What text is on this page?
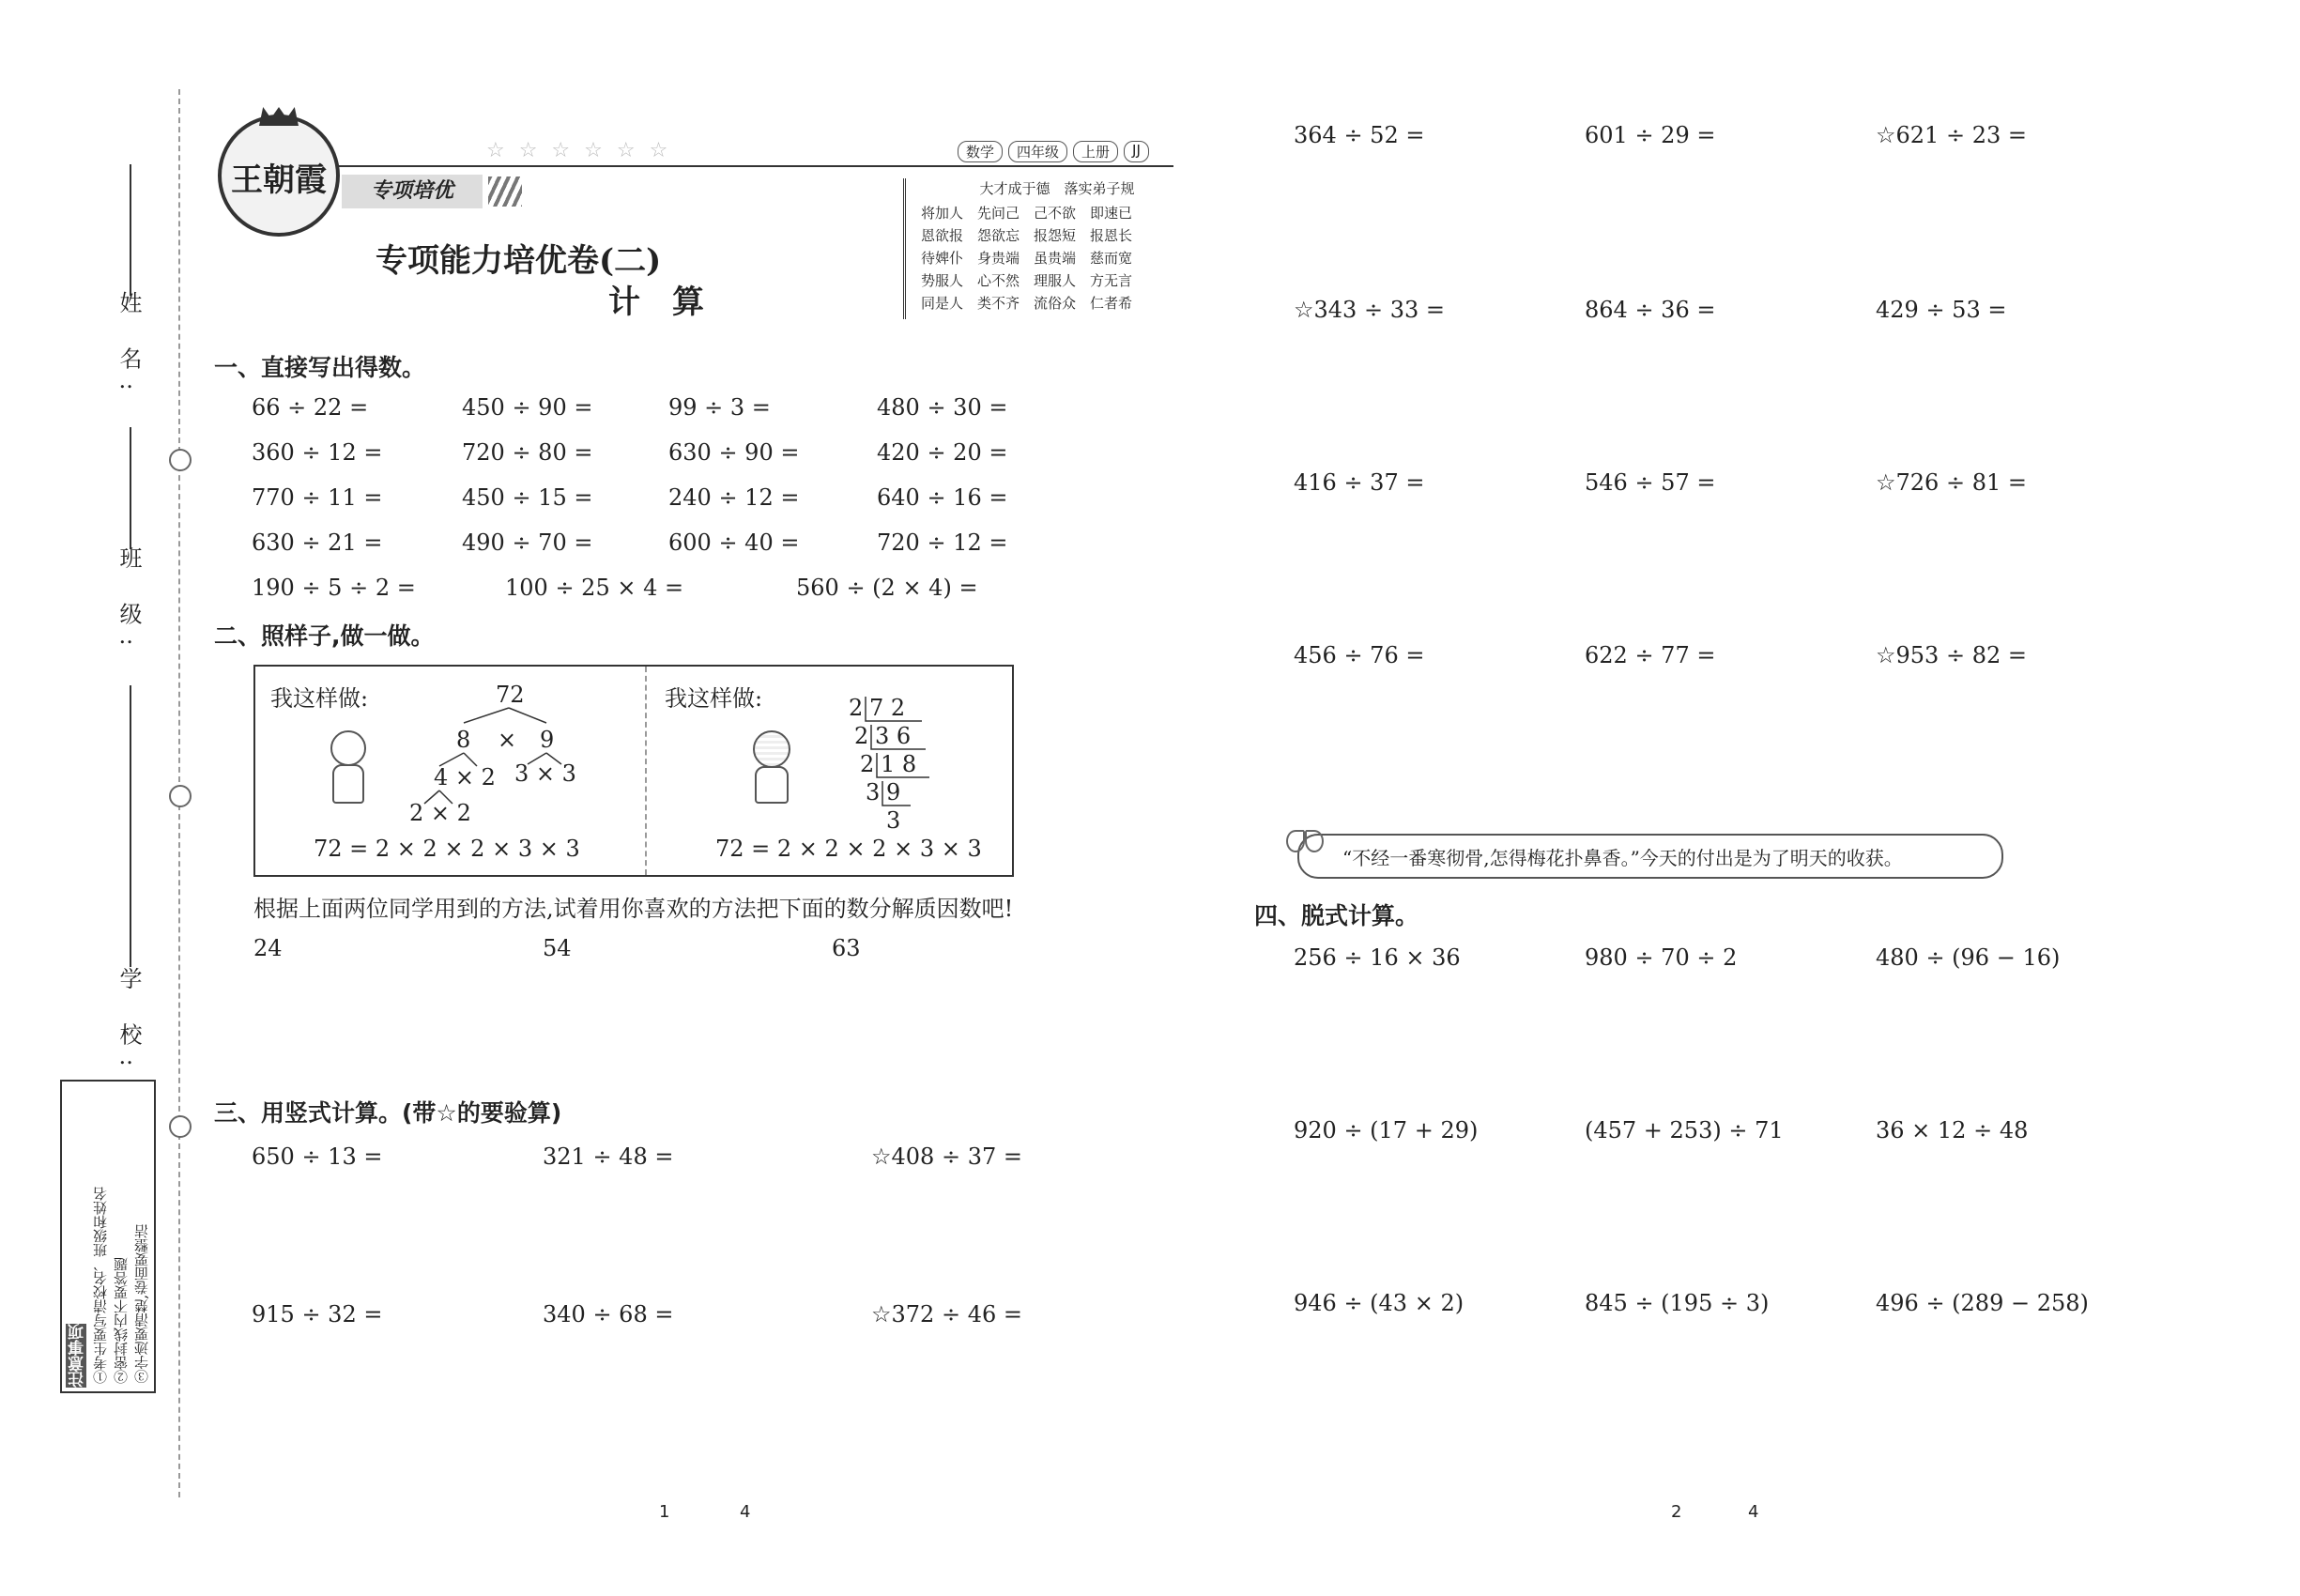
姓 名:
班 级:
学 校:
注意事项 ①考生要写清校名、班级和姓名 ②密封线内不要答题 ③字迹要清楚,卷面要整洁
王朝霞
☆ ☆ ☆ ☆ ☆ ☆	数学	四年级	上册	JJ
专项培优
专项能力培优卷(二)
计　算
大才成于德　落实弟子规
将加人　先问己　己不欲　即速已
恩欲报　怨欲忘　报怨短　报恩长
待婢仆　身贵端　虽贵端　慈而宽
势服人　心不然　理服人　方无言
同是人　类不齐　流俗众　仁者希
一、直接写出得数。
66 ÷ 22 =	450 ÷ 90 =	99 ÷ 3 =	480 ÷ 30 =
360 ÷ 12 =	720 ÷ 80 =	630 ÷ 90 =	420 ÷ 20 =
770 ÷ 11 =	450 ÷ 15 =	240 ÷ 12 =	640 ÷ 16 =
630 ÷ 21 =	490 ÷ 70 =	600 ÷ 40 =	720 ÷ 12 =
190 ÷ 5 ÷ 2 =	100 ÷ 25 × 4 =	560 ÷ (2 × 4) =
二、照样子,做一做。
我这样做:	72
8 × 9
4 × 2 3 × 3
2 × 2
72 = 2 × 2 × 2 × 3 × 3
我这样做:	2 7 2
2 3 6
2 1 8
3 9
3
72 = 2 × 2 × 2 × 3 × 3
根据上面两位同学用到的方法,试着用你喜欢的方法把下面的数分解质因数吧!
24	54	63
三、用竖式计算。(带☆的要验算)
650 ÷ 13 =	321 ÷ 48 =	☆408 ÷ 37 =
915 ÷ 32 =	340 ÷ 68 =	☆372 ÷ 46 =
364 ÷ 52 =	601 ÷ 29 =	☆621 ÷ 23 =
☆343 ÷ 33 =	864 ÷ 36 =	429 ÷ 53 =
416 ÷ 37 =	546 ÷ 57 =	☆726 ÷ 81 =
456 ÷ 76 =	622 ÷ 77 =	☆953 ÷ 82 =
“不经一番寒彻骨,怎得梅花扑鼻香。”今天的付出是为了明天的收获。
四、脱式计算。
256 ÷ 16 × 36	980 ÷ 70 ÷ 2	480 ÷ (96 − 16)
920 ÷ (17 + 29)	(457 + 253) ÷ 71	36 × 12 ÷ 48
946 ÷ (43 × 2)	845 ÷ (195 ÷ 3)	496 ÷ (289 − 258)
1	4	2	4
